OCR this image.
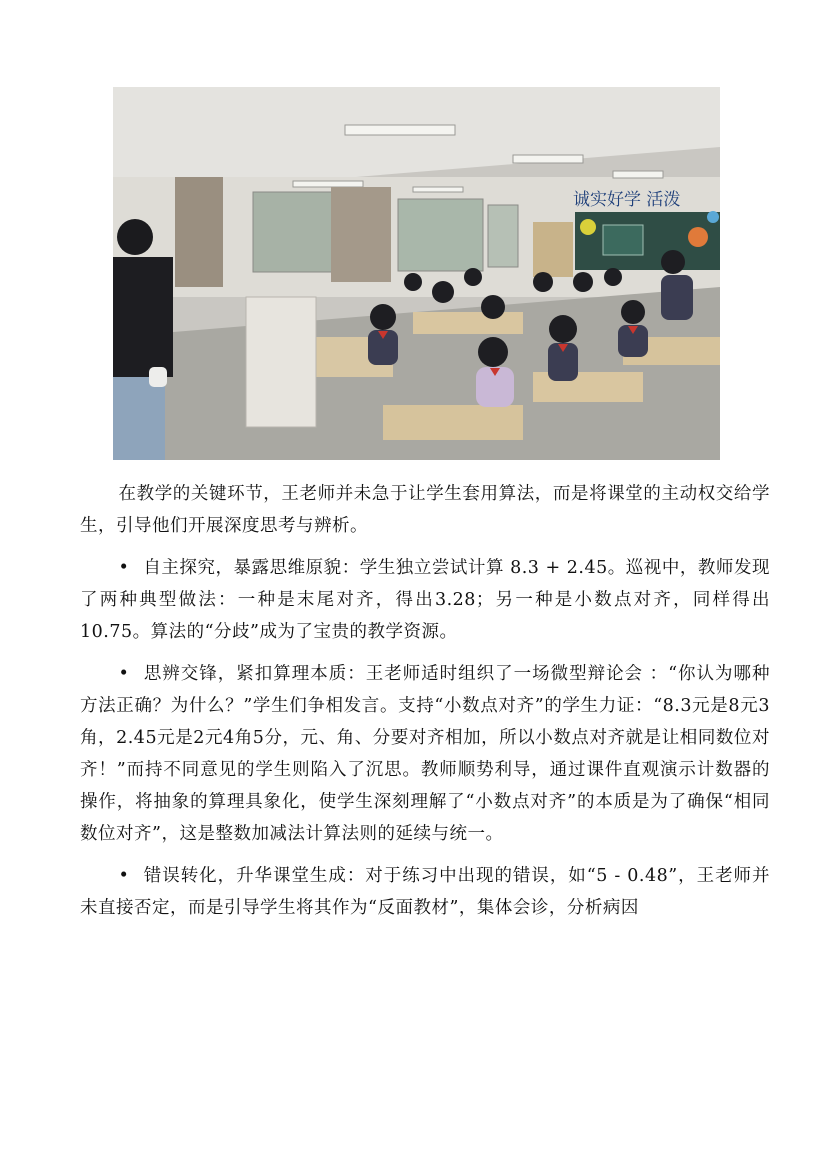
诚实好学 活泼

在教学的关键环节，王老师并未急于让学生套用算法，而是将课堂的主动权交给学生，引导他们开展深度思考与辨析。

• 自主探究，暴露思维原貌：学生独立尝试计算 8.3 + 2.45。巡视中，教师发现了两种典型做法：一种是末尾对齐，得出3.28；另一种是小数点对齐，同样得出10.75。算法的“分歧”成为了宝贵的教学资源。

• 思辨交锋，紧扣算理本质：王老师适时组织了一场微型辩论会 ：“你认为哪种方法正确？为什么？”学生们争相发言。支持“小数点对齐”的学生力证：“8.3元是8元3角，2.45元是2元4角5分，元、角、分要对齐相加，所以小数点对齐就是让相同数位对齐！”而持不同意见的学生则陷入了沉思。教师顺势利导，通过课件直观演示计数器的操作，将抽象的算理具象化，使学生深刻理解了“小数点对齐”的本质是为了确保“相同数位对齐”，这是整数加减法计算法则的延续与统一。

• 错误转化，升华课堂生成：对于练习中出现的错误，如“5 - 0.48”，王老师并未直接否定，而是引导学生将其作为“反面教材”，集体会诊，分析病因
